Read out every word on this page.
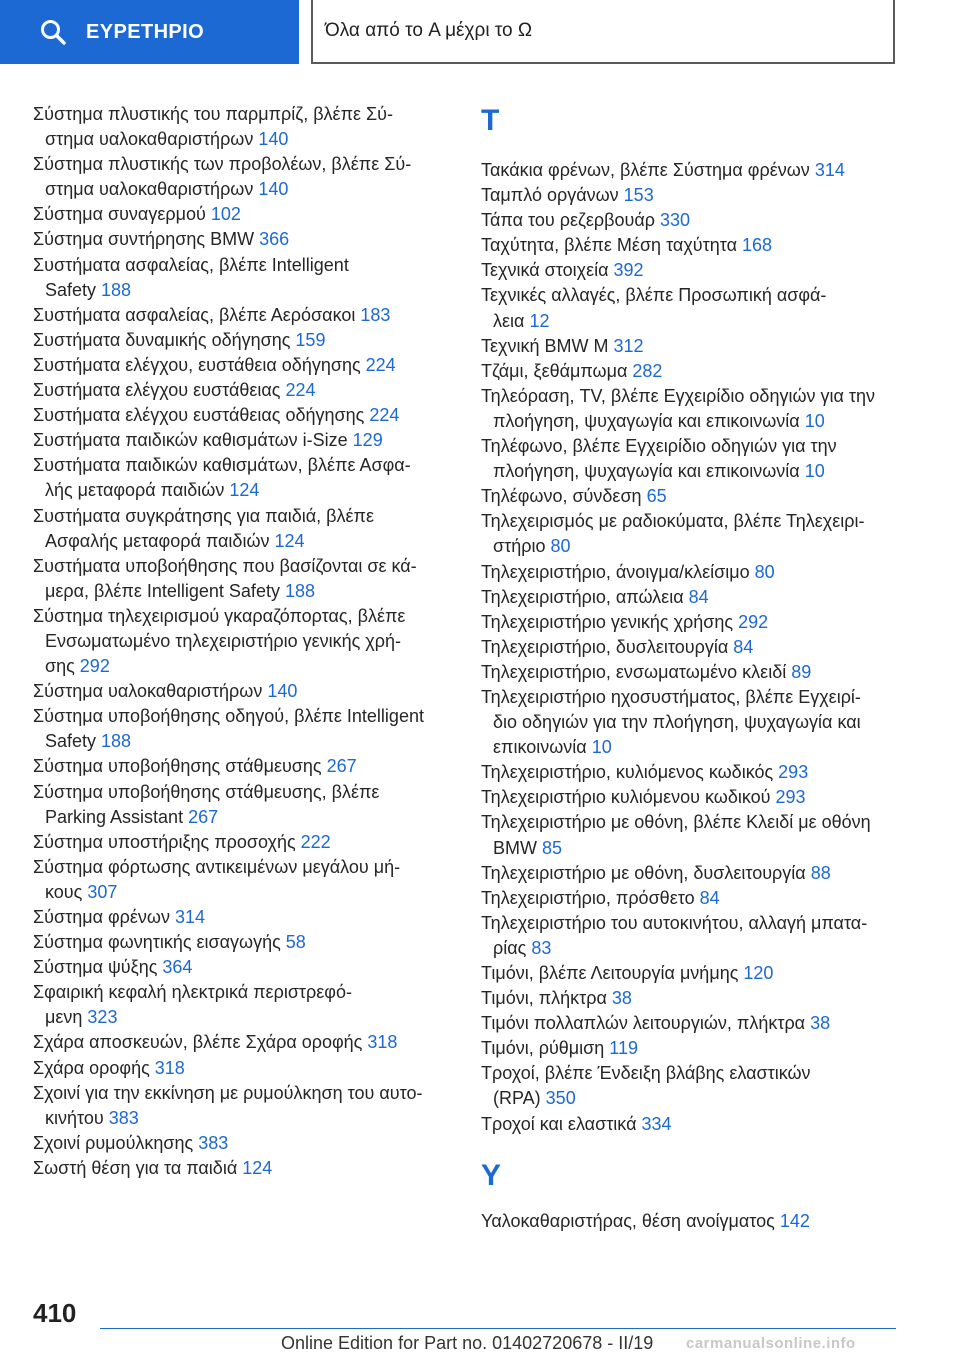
ΕΥΡΕΤΗΡΙΟ	Όλα από το A μέχρι το Ω
Σύστημα πλυστικής του παρμπρίζ, βλέπε Σύ-
στημα υαλοκαθαριστήρων 140
Σύστημα πλυστικής των προβολέων, βλέπε Σύ-
στημα υαλοκαθαριστήρων 140
Σύστημα συναγερμού 102
Σύστημα συντήρησης BMW 366
Συστήματα ασφαλείας, βλέπε Intelligent
Safety 188
Συστήματα ασφαλείας, βλέπε Αερόσακοι 183
Συστήματα δυναμικής οδήγησης 159
Συστήματα ελέγχου, ευστάθεια οδήγησης 224
Συστήματα ελέγχου ευστάθειας 224
Συστήματα ελέγχου ευστάθειας οδήγησης 224
Συστήματα παιδικών καθισμάτων i-Size 129
Συστήματα παιδικών καθισμάτων, βλέπε Ασφα-
λής μεταφορά παιδιών 124
Συστήματα συγκράτησης για παιδιά, βλέπε
Ασφαλής μεταφορά παιδιών 124
Συστήματα υποβοήθησης που βασίζονται σε κά-
μερα, βλέπε Intelligent Safety 188
Σύστημα τηλεχειρισμού γκαραζόπορτας, βλέπε
Ενσωματωμένο τηλεχειριστήριο γενικής χρή-
σης 292
Σύστημα υαλοκαθαριστήρων 140
Σύστημα υποβοήθησης οδηγού, βλέπε Intelligent
Safety 188
Σύστημα υποβοήθησης στάθμευσης 267
Σύστημα υποβοήθησης στάθμευσης, βλέπε
Parking Assistant 267
Σύστημα υποστήριξης προσοχής 222
Σύστημα φόρτωσης αντικειμένων μεγάλου μή-
κους 307
Σύστημα φρένων 314
Σύστημα φωνητικής εισαγωγής 58
Σύστημα ψύξης 364
Σφαιρική κεφαλή ηλεκτρικά περιστρεφό-
μενη 323
Σχάρα αποσκευών, βλέπε Σχάρα οροφής 318
Σχάρα οροφής 318
Σχοινί για την εκκίνηση με ρυμούλκηση του αυτο-
κινήτου 383
Σχοινί ρυμούλκησης 383
Σωστή θέση για τα παιδιά 124
T
Τακάκια φρένων, βλέπε Σύστημα φρένων 314
Ταμπλό οργάνων 153
Τάπα του ρεζερβουάρ 330
Ταχύτητα, βλέπε Μέση ταχύτητα 168
Τεχνικά στοιχεία 392
Τεχνικές αλλαγές, βλέπε Προσωπική ασφά-
λεια 12
Τεχνική BMW M 312
Τζάμι, ξεθάμπωμα 282
Τηλεόραση, TV, βλέπε Εγχειρίδιο οδηγιών για την
πλοήγηση, ψυχαγωγία και επικοινωνία 10
Τηλέφωνο, βλέπε Εγχειρίδιο οδηγιών για την
πλοήγηση, ψυχαγωγία και επικοινωνία 10
Τηλέφωνο, σύνδεση 65
Τηλεχειρισμός με ραδιοκύματα, βλέπε Τηλεχειρι-
στήριο 80
Τηλεχειριστήριο, άνοιγμα/κλείσιμο 80
Τηλεχειριστήριο, απώλεια 84
Τηλεχειριστήριο γενικής χρήσης 292
Τηλεχειριστήριο, δυσλειτουργία 84
Τηλεχειριστήριο, ενσωματωμένο κλειδί 89
Τηλεχειριστήριο ηχοσυστήματος, βλέπε Εγχειρί-
διο οδηγιών για την πλοήγηση, ψυχαγωγία και
επικοινωνία 10
Τηλεχειριστήριο, κυλιόμενος κωδικός 293
Τηλεχειριστήριο κυλιόμενου κωδικού 293
Τηλεχειριστήριο με οθόνη, βλέπε Κλειδί με οθόνη
BMW 85
Τηλεχειριστήριο με οθόνη, δυσλειτουργία 88
Τηλεχειριστήριο, πρόσθετο 84
Τηλεχειριστήριο του αυτοκινήτου, αλλαγή μπατα-
ρίας 83
Τιμόνι, βλέπε Λειτουργία μνήμης 120
Τιμόνι, πλήκτρα 38
Τιμόνι πολλαπλών λειτουργιών, πλήκτρα 38
Τιμόνι, ρύθμιση 119
Τροχοί, βλέπε Ένδειξη βλάβης ελαστικών
(RPA) 350
Τροχοί και ελαστικά 334
Y
Υαλοκαθαριστήρας, θέση ανοίγματος 142
410
Online Edition for Part no. 01402720678 - II/19 carmanualsonline.info
